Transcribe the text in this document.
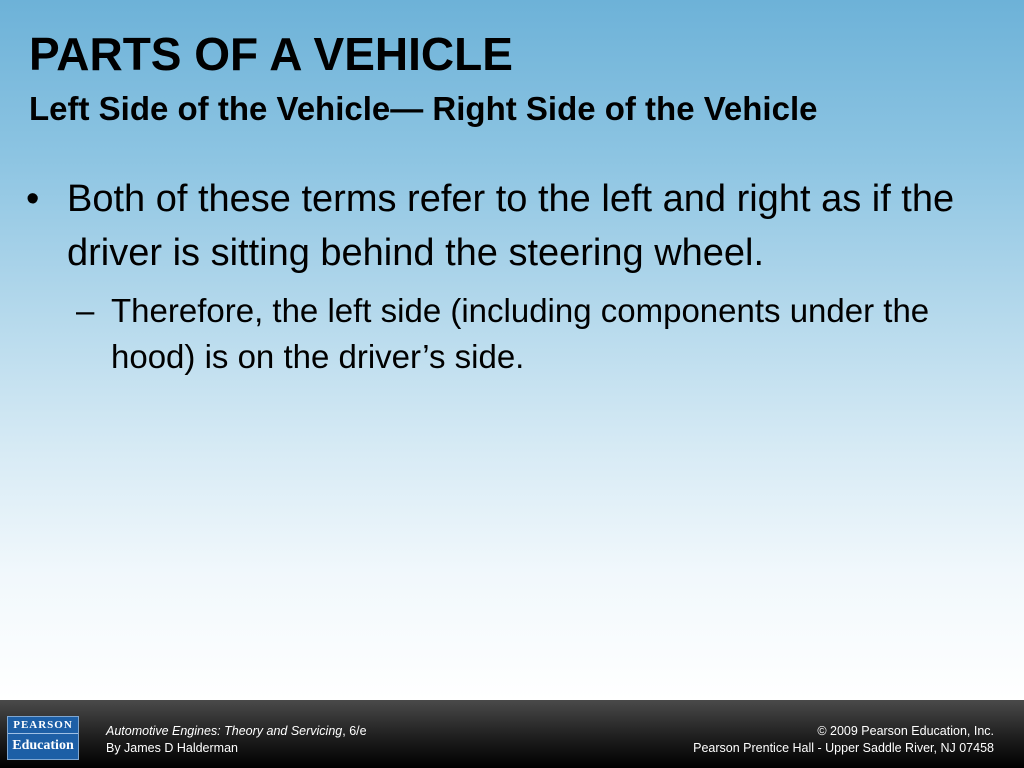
PARTS OF A VEHICLE
Left Side of the Vehicle— Right Side of the Vehicle
• Both of these terms refer to the left and right as if the driver is sitting behind the steering wheel.
– Therefore, the left side (including components under the hood) is on the driver’s side.
PEARSON
Education
Automotive Engines: Theory and Servicing, 6/e
By James D Halderman
© 2009 Pearson Education, Inc.
Pearson Prentice Hall - Upper Saddle River, NJ 07458
